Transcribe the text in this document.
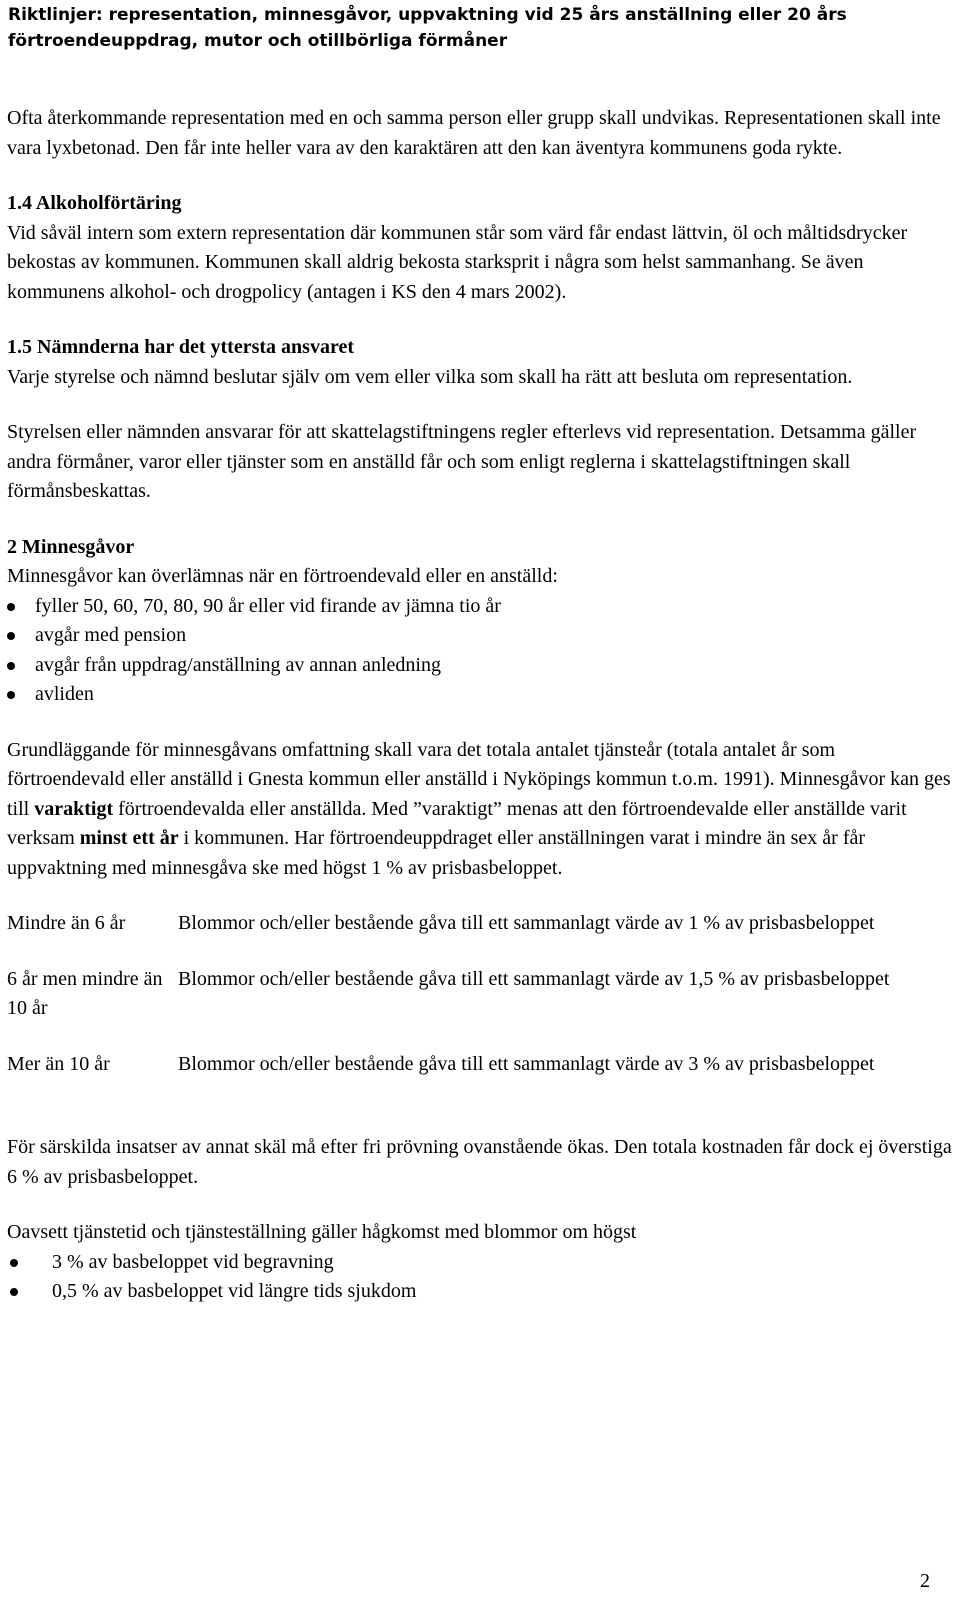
Riktlinjer: representation, minnesgåvor, uppvaktning vid 25 års anställning eller 20 års förtroendeuppdrag, mutor och otillbörliga förmåner

Ofta återkommande representation med en och samma person eller grupp skall undvikas. Representationen skall inte vara lyxbetonad. Den får inte heller vara av den karaktären att den kan äventyra kommunens goda rykte.

1.4 Alkoholförtäring
Vid såväl intern som extern representation där kommunen står som värd får endast lättvin, öl och måltidsdrycker bekostas av kommunen. Kommunen skall aldrig bekosta starksprit i några som helst sammanhang. Se även kommunens alkohol- och drogpolicy (antagen i KS den 4 mars 2002).

1.5 Nämnderna har det yttersta ansvaret
Varje styrelse och nämnd beslutar själv om vem eller vilka som skall ha rätt att besluta om representation.

Styrelsen eller nämnden ansvarar för att skattelagstiftningens regler efterlevs vid representation. Detsamma gäller andra förmåner, varor eller tjänster som en anställd får och som enligt reglerna i skattelagstiftningen skall förmånsbeskattas.

2 Minnesgåvor
Minnesgåvor kan överlämnas när en förtroendevald eller en anställd:

fyller 50, 60, 70, 80, 90 år eller vid firande av jämna tio år
avgår med pension
avgår från uppdrag/anställning av annan anledning
avliden

Grundläggande för minnesgåvans omfattning skall vara det totala antalet tjänsteår (totala antalet år som förtroendevald eller anställd i Gnesta kommun eller anställd i Nyköpings kommun t.o.m. 1991). Minnesgåvor kan ges till varaktigt förtroendevalda eller anställda. Med ”varaktigt” menas att den förtroendevalde eller anställde varit verksam minst ett år i kommunen. Har förtroendeuppdraget eller anställningen varat i mindre än sex år får uppvaktning med minnesgåva ske med högst 1 % av prisbasbeloppet.

Mindre än 6 år	Blommor och/eller bestående gåva till ett sammanlagt värde av 1 % av prisbasbeloppet
6 år men mindre än 10 år	Blommor och/eller bestående gåva till ett sammanlagt värde av 1,5 % av prisbasbeloppet
Mer än 10 år	Blommor och/eller bestående gåva till ett sammanlagt värde av 3 % av prisbasbeloppet

För särskilda insatser av annat skäl må efter fri prövning ovanstående ökas. Den totala kostnaden får dock ej överstiga 6 % av prisbasbeloppet.

Oavsett tjänstetid och tjänsteställning gäller hågkomst med blommor om högst

3 % av basbeloppet vid begravning
0,5 % av basbeloppet vid längre tids sjukdom
2
